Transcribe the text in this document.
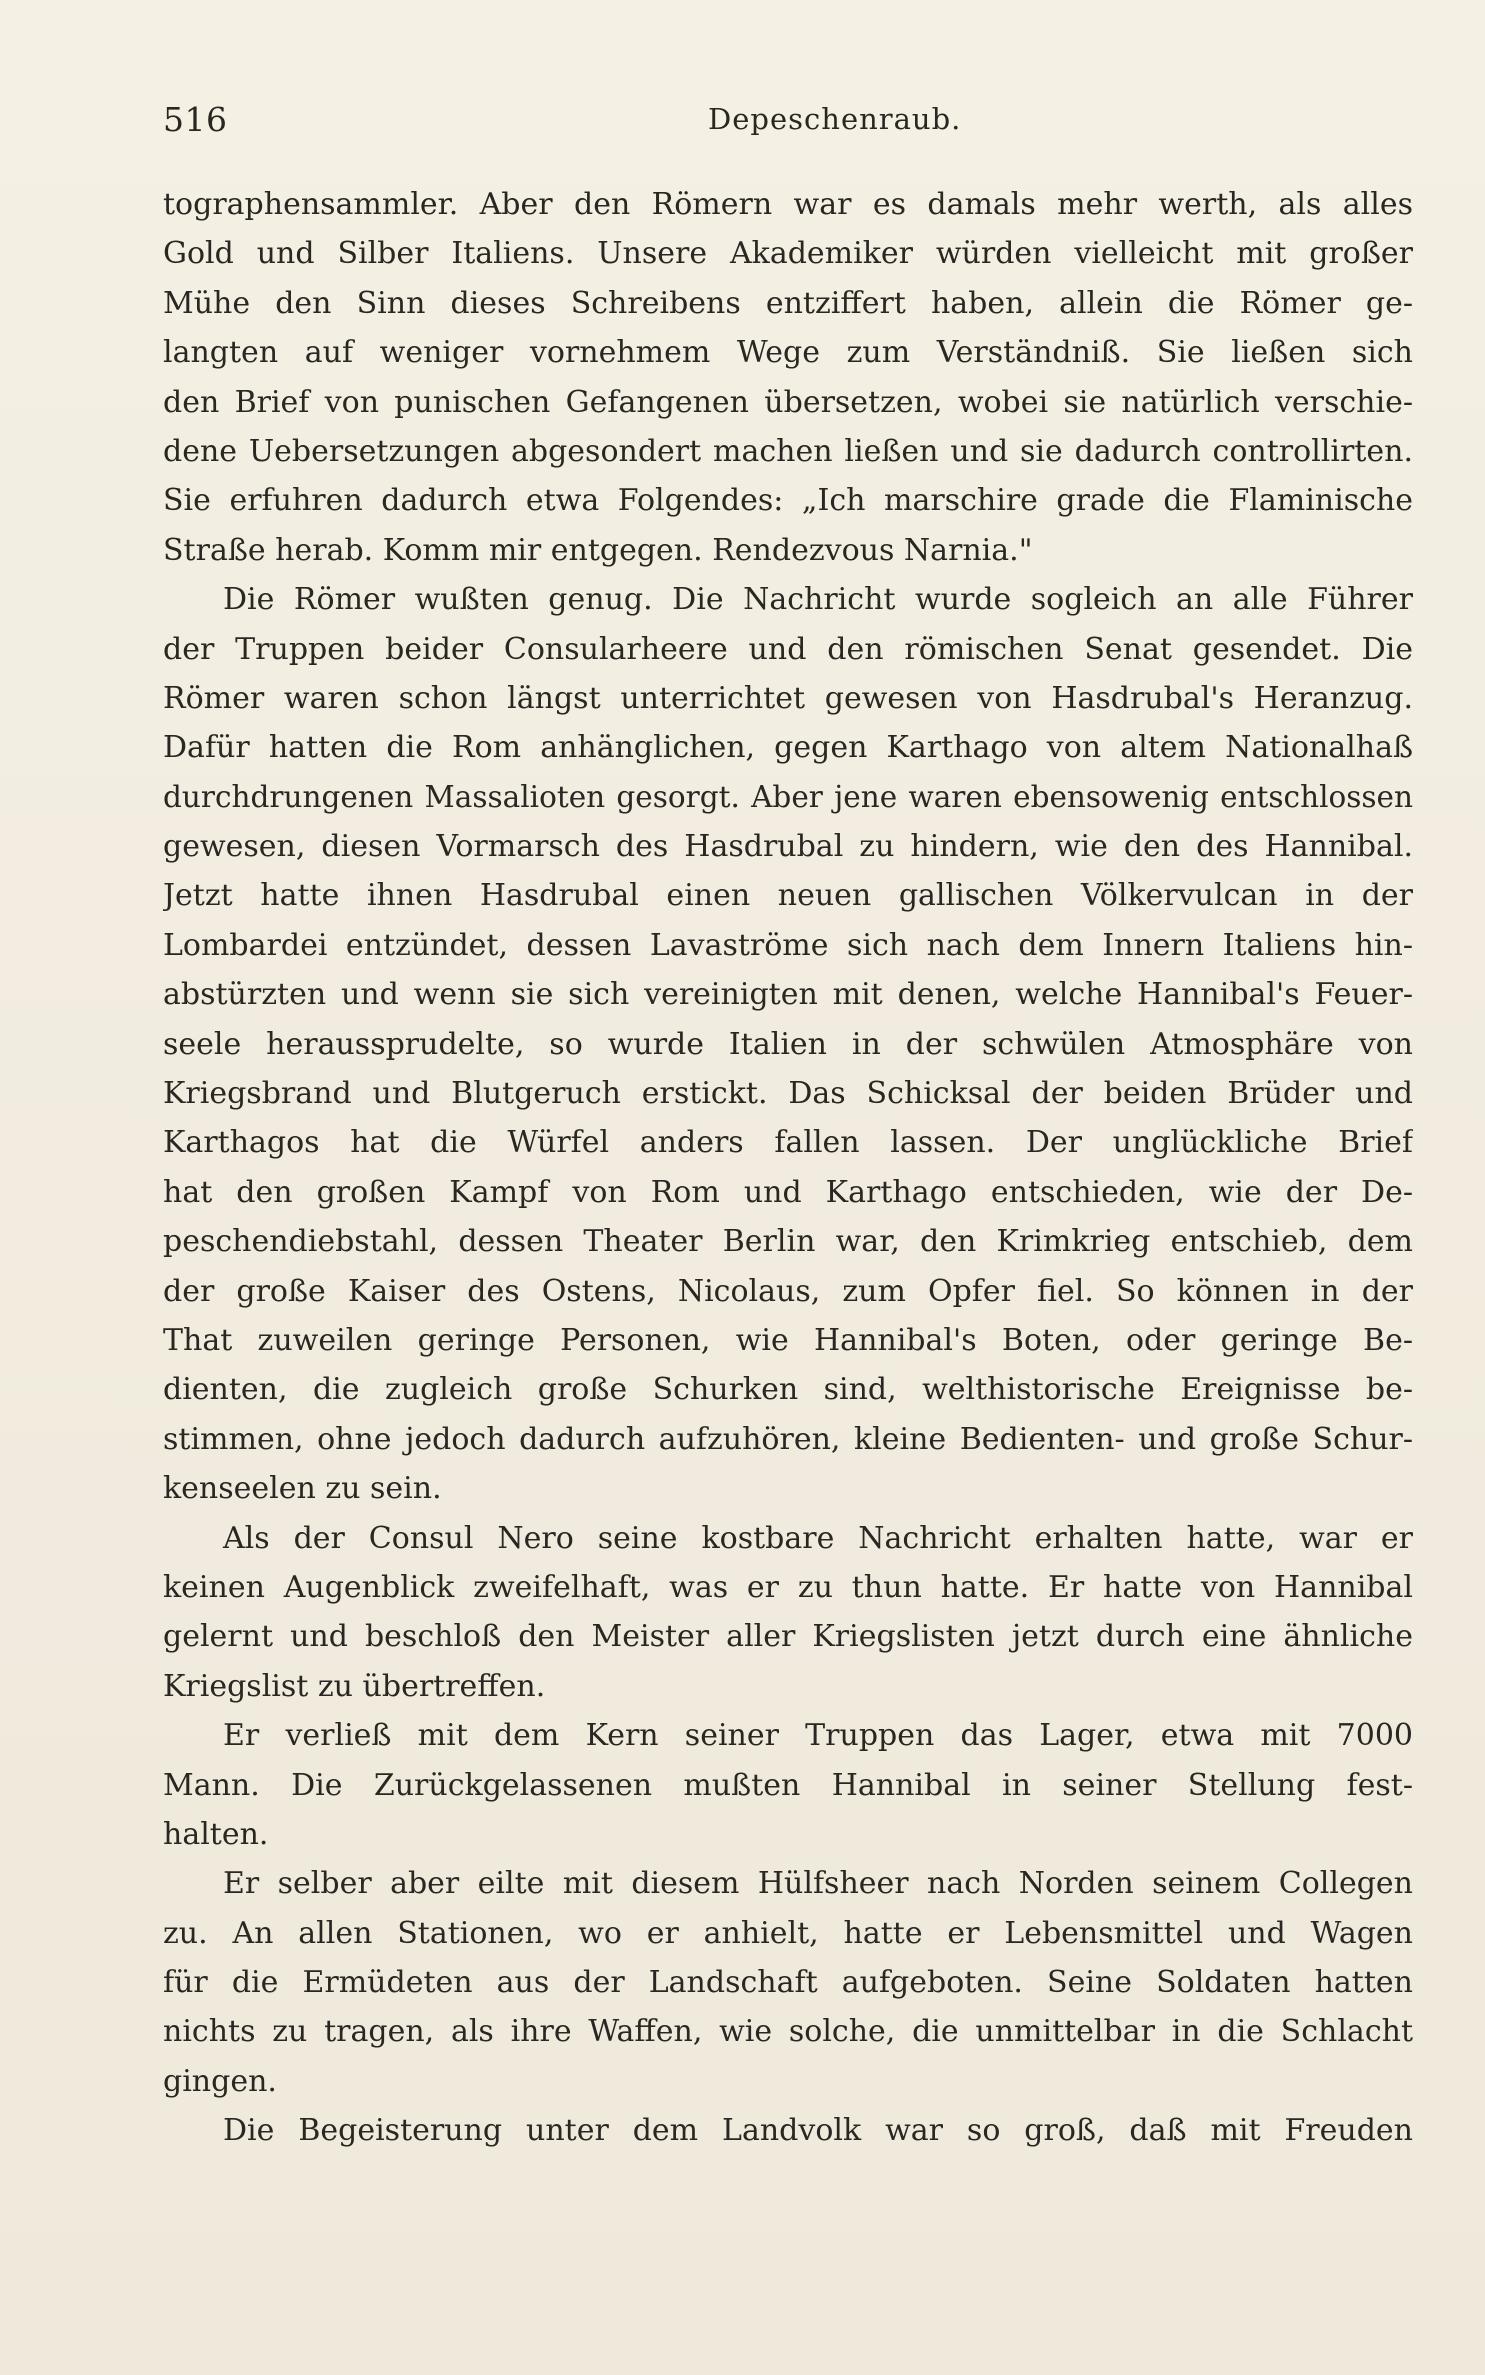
516	Depeschenraub.
tographensammler. Aber den Römern war es damals mehr werth, als alles
Gold und Silber Italiens. Unsere Akademiker würden vielleicht mit großer
Mühe den Sinn dieses Schreibens entziffert haben, allein die Römer ge-
langten auf weniger vornehmem Wege zum Verständniß. Sie ließen sich
den Brief von punischen Gefangenen übersetzen, wobei sie natürlich verschie-
dene Uebersetzungen abgesondert machen ließen und sie dadurch controllirten.
Sie erfuhren dadurch etwa Folgendes: „Ich marschire grade die Flaminische
Straße herab. Komm mir entgegen. Rendezvous Narnia."
Die Römer wußten genug. Die Nachricht wurde sogleich an alle Führer
der Truppen beider Consularheere und den römischen Senat gesendet. Die
Römer waren schon längst unterrichtet gewesen von Hasdrubal's Heranzug.
Dafür hatten die Rom anhänglichen, gegen Karthago von altem Nationalhaß
durchdrungenen Massalioten gesorgt. Aber jene waren ebensowenig entschlossen
gewesen, diesen Vormarsch des Hasdrubal zu hindern, wie den des Hannibal.
Jetzt hatte ihnen Hasdrubal einen neuen gallischen Völkervulcan in der
Lombardei entzündet, dessen Lavaströme sich nach dem Innern Italiens hin-
abstürzten und wenn sie sich vereinigten mit denen, welche Hannibal's Feuer-
seele heraussprudelte, so wurde Italien in der schwülen Atmosphäre von
Kriegsbrand und Blutgeruch erstickt. Das Schicksal der beiden Brüder und
Karthagos hat die Würfel anders fallen lassen. Der unglückliche Brief
hat den großen Kampf von Rom und Karthago entschieden, wie der De-
peschendiebstahl, dessen Theater Berlin war, den Krimkrieg entschieb, dem
der große Kaiser des Ostens, Nicolaus, zum Opfer fiel. So können in der
That zuweilen geringe Personen, wie Hannibal's Boten, oder geringe Be-
dienten, die zugleich große Schurken sind, welthistorische Ereignisse be-
stimmen, ohne jedoch dadurch aufzuhören, kleine Bedienten- und große Schur-
kenseelen zu sein.
Als der Consul Nero seine kostbare Nachricht erhalten hatte, war er
keinen Augenblick zweifelhaft, was er zu thun hatte. Er hatte von Hannibal
gelernt und beschloß den Meister aller Kriegslisten jetzt durch eine ähnliche
Kriegslist zu übertreffen.
Er verließ mit dem Kern seiner Truppen das Lager, etwa mit 7000
Mann. Die Zurückgelassenen mußten Hannibal in seiner Stellung fest-
halten.
Er selber aber eilte mit diesem Hülfsheer nach Norden seinem Collegen
zu. An allen Stationen, wo er anhielt, hatte er Lebensmittel und Wagen
für die Ermüdeten aus der Landschaft aufgeboten. Seine Soldaten hatten
nichts zu tragen, als ihre Waffen, wie solche, die unmittelbar in die Schlacht
gingen.
Die Begeisterung unter dem Landvolk war so groß, daß mit Freuden
